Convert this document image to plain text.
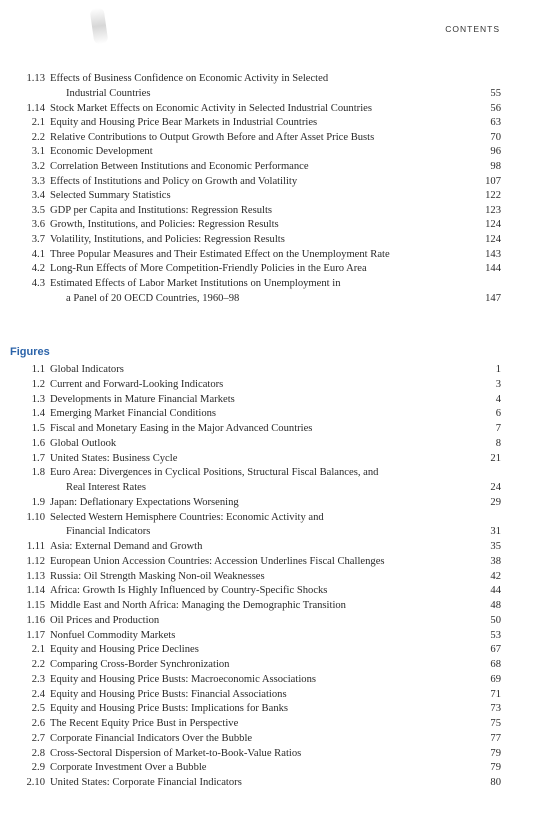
CONTENTS
1.13 Effects of Business Confidence on Economic Activity in Selected
Industrial Countries	55
1.14 Stock Market Effects on Economic Activity in Selected Industrial Countries	56
2.1 Equity and Housing Price Bear Markets in Industrial Countries	63
2.2 Relative Contributions to Output Growth Before and After Asset Price Busts	70
3.1 Economic Development	96
3.2 Correlation Between Institutions and Economic Performance	98
3.3 Effects of Institutions and Policy on Growth and Volatility	107
3.4 Selected Summary Statistics	122
3.5 GDP per Capita and Institutions: Regression Results	123
3.6 Growth, Institutions, and Policies: Regression Results	124
3.7 Volatility, Institutions, and Policies: Regression Results	124
4.1 Three Popular Measures and Their Estimated Effect on the Unemployment Rate	143
4.2 Long-Run Effects of More Competition-Friendly Policies in the Euro Area	144
4.3 Estimated Effects of Labor Market Institutions on Unemployment in
a Panel of 20 OECD Countries, 1960–98	147
Figures
1.1 Global Indicators	1
1.2 Current and Forward-Looking Indicators	3
1.3 Developments in Mature Financial Markets	4
1.4 Emerging Market Financial Conditions	6
1.5 Fiscal and Monetary Easing in the Major Advanced Countries	7
1.6 Global Outlook	8
1.7 United States: Business Cycle	21
1.8 Euro Area: Divergences in Cyclical Positions, Structural Fiscal Balances, and
Real Interest Rates	24
1.9 Japan: Deflationary Expectations Worsening	29
1.10 Selected Western Hemisphere Countries: Economic Activity and
Financial Indicators	31
1.11 Asia: External Demand and Growth	35
1.12 European Union Accession Countries: Accession Underlines Fiscal Challenges	38
1.13 Russia: Oil Strength Masking Non-oil Weaknesses	42
1.14 Africa: Growth Is Highly Influenced by Country-Specific Shocks	44
1.15 Middle East and North Africa: Managing the Demographic Transition	48
1.16 Oil Prices and Production	50
1.17 Nonfuel Commodity Markets	53
2.1 Equity and Housing Price Declines	67
2.2 Comparing Cross-Border Synchronization	68
2.3 Equity and Housing Price Busts: Macroeconomic Associations	69
2.4 Equity and Housing Price Busts: Financial Associations	71
2.5 Equity and Housing Price Busts: Implications for Banks	73
2.6 The Recent Equity Price Bust in Perspective	75
2.7 Corporate Financial Indicators Over the Bubble	77
2.8 Cross-Sectoral Dispersion of Market-to-Book-Value Ratios	79
2.9 Corporate Investment Over a Bubble	79
2.10 United States: Corporate Financial Indicators	80
